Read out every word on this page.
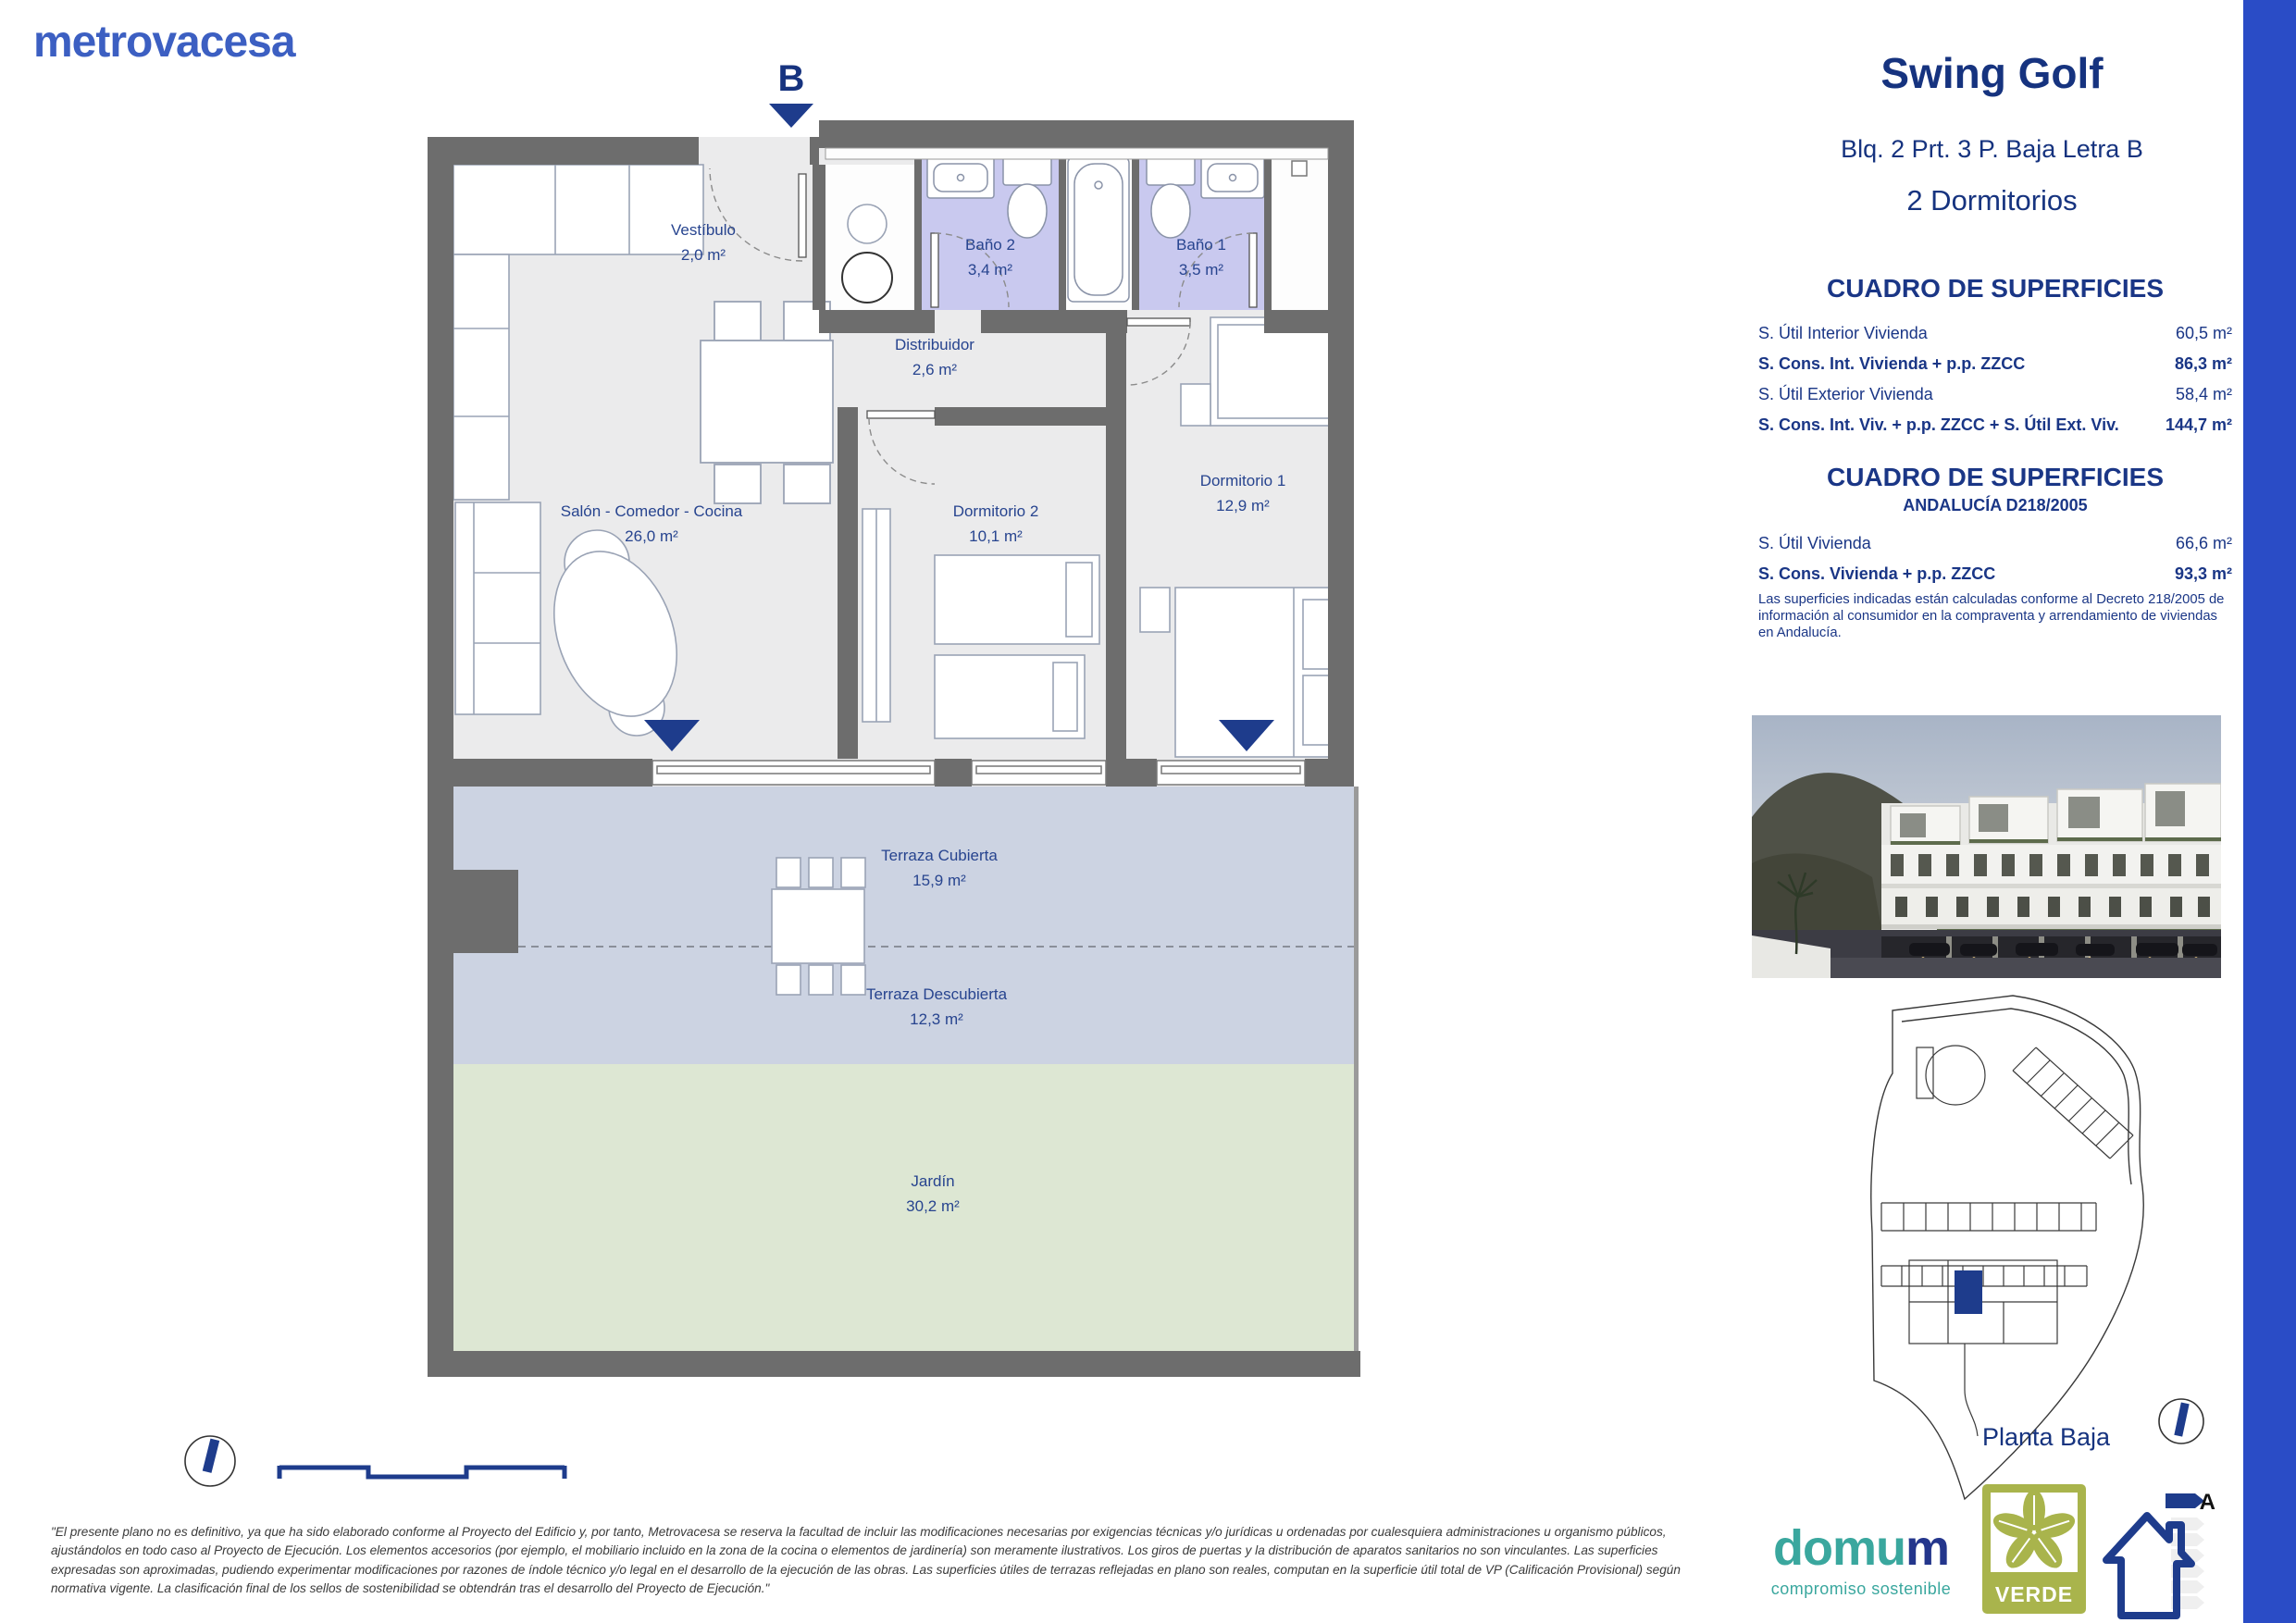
metrovacesa
B
Vestíbulo
2,0 m²
Baño 2
3,4 m²
Baño 1
3,5 m²
Distribuidor
2,6 m²
Salón - Comedor - Cocina
26,0 m²
Dormitorio 2
10,1 m²
Dormitorio 1
12,9 m²
Terraza Cubierta
15,9 m²
Terraza Descubierta
12,3 m²
Jardín
30,2 m²
Swing Golf
Blq. 2 Prt. 3 P. Baja Letra B
2 Dormitorios
CUADRO DE SUPERFICIES
S. Útil Interior Vivienda	60,5 m²
S. Cons. Int. Vivienda + p.p. ZZCC	86,3 m²
S. Útil Exterior Vivienda	58,4 m²
S. Cons. Int. Viv. + p.p. ZZCC + S. Útil Ext. Viv.	144,7 m²
CUADRO DE SUPERFICIES
ANDALUCÍA D218/2005
S. Útil Vivienda	66,6 m²
S. Cons. Vivienda + p.p. ZZCC	93,3 m²
Las superficies indicadas están calculadas conforme al Decreto 218/2005 de información al consumidor en la compraventa y arrendamiento de viviendas en Andalucía.
Planta Baja
"El presente plano no es definitivo, ya que ha sido elaborado conforme al Proyecto del Edificio y, por tanto, Metrovacesa se reserva la facultad de incluir las modificaciones necesarias por exigencias técnicas y/o jurídicas u ordenadas por cualesquiera administraciones u organismo públicos, ajustándolos en todo caso al Proyecto de Ejecución. Los elementos accesorios (por ejemplo, el mobiliario incluido en la zona de la cocina o elementos de jardinería) son meramente ilustrativos. Los giros de puertas y la distribución de aparatos sanitarios no son vinculantes. Las superficies expresadas son aproximadas, pudiendo experimentar modificaciones por razones de índole técnico y/o legal en el desarrollo de la ejecución de las obras. Las superficies útiles de terrazas reflejadas en plano son reales, computan en la superficie útil total de VP (Calificación Provisional) según normativa vigente. La clasificación final de los sellos de sostenibilidad se obtendrán tras el desarrollo del Proyecto de Ejecución."
domum
compromiso sostenible	VERDE
A
